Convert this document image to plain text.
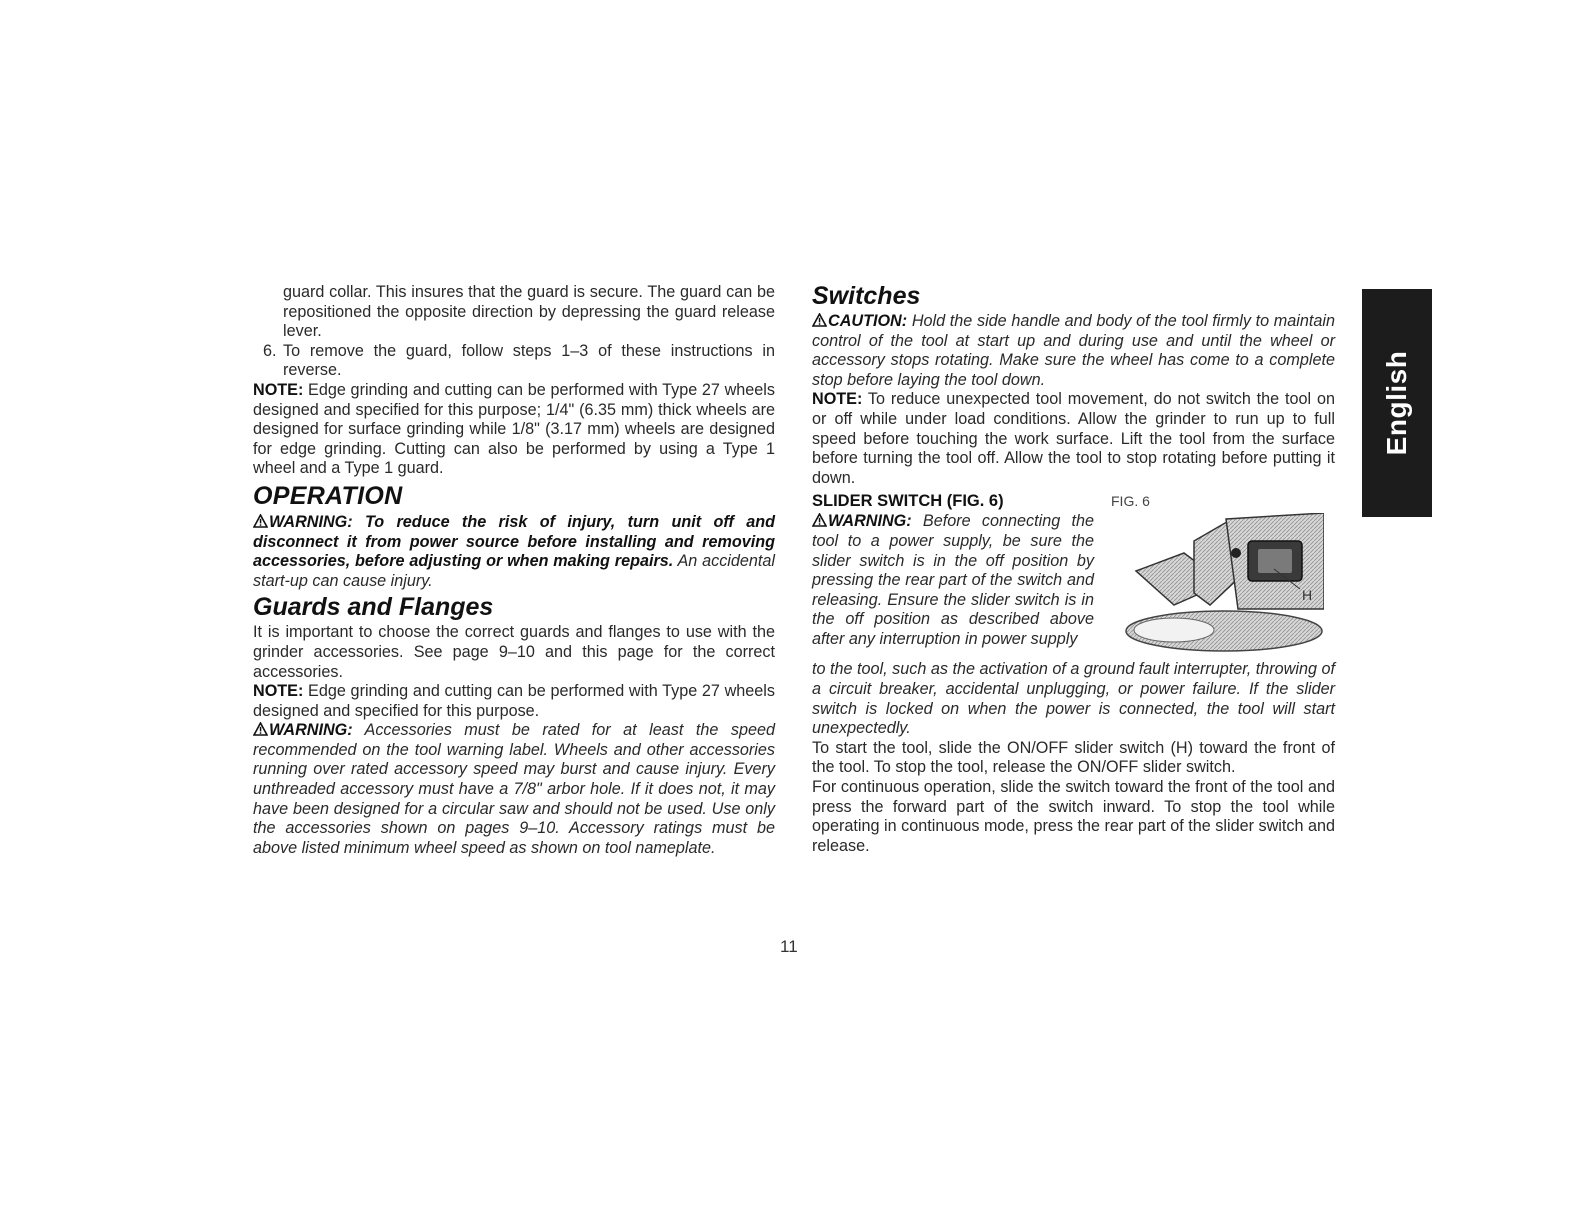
guard collar. This insures that the guard is secure. The guard can be repositioned the opposite direction by depressing the guard release lever.

6. To remove the guard, follow steps 1–3 of these instructions in reverse.

NOTE: Edge grinding and cutting can be performed with Type 27 wheels designed and specified for this purpose; 1/4" (6.35 mm) thick wheels are designed for surface grinding while 1/8" (3.17 mm) wheels are designed for edge grinding. Cutting can also be performed by using a Type 1 wheel and a Type 1 guard.

OPERATION

WARNING: To reduce the risk of injury, turn unit off and disconnect it from power source before installing and removing accessories, before adjusting or when making repairs. An accidental start-up can cause injury.

Guards and Flanges

It is important to choose the correct guards and flanges to use with the grinder accessories. See page 9–10 and this page for the correct accessories.

NOTE: Edge grinding and cutting can be performed with Type 27 wheels designed and specified for this purpose.

WARNING: Accessories must be rated for at least the speed recommended on the tool warning label. Wheels and other accessories running over rated accessory speed may burst and cause injury. Every unthreaded accessory must have a 7/8" arbor hole. If it does not, it may have been designed for a circular saw and should not be used. Use only the accessories shown on pages 9–10. Accessory ratings must be above listed minimum wheel speed as shown on tool nameplate.

Switches

CAUTION: Hold the side handle and body of the tool firmly to maintain control of the tool at start up and during use and until the wheel or accessory stops rotating. Make sure the wheel has come to a complete stop before laying the tool down.

NOTE: To reduce unexpected tool movement, do not switch the tool on or off while under load conditions. Allow the grinder to run up to full speed before touching the work surface. Lift the tool from the surface before turning the tool off. Allow the tool to stop rotating before putting it down.

SLIDER SWITCH (FIG. 6)	FIG. 6

WARNING: Before connecting the tool to a power supply, be sure the slider switch is in the off position by pressing the rear part of the switch and releasing. Ensure the slider switch is in the off position as described above after any interruption in power supply

H

to the tool, such as the activation of a ground fault interrupter, throwing of a circuit breaker, accidental unplugging, or power failure. If the slider switch is locked on when the power is connected, the tool will start unexpectedly.

To start the tool, slide the ON/OFF slider switch (H) toward the front of the tool. To stop the tool, release the ON/OFF slider switch.

For continuous operation, slide the switch toward the front of the tool and press the forward part of the switch inward. To stop the tool while operating in continuous mode, press the rear part of the slider switch and release.

English
11
